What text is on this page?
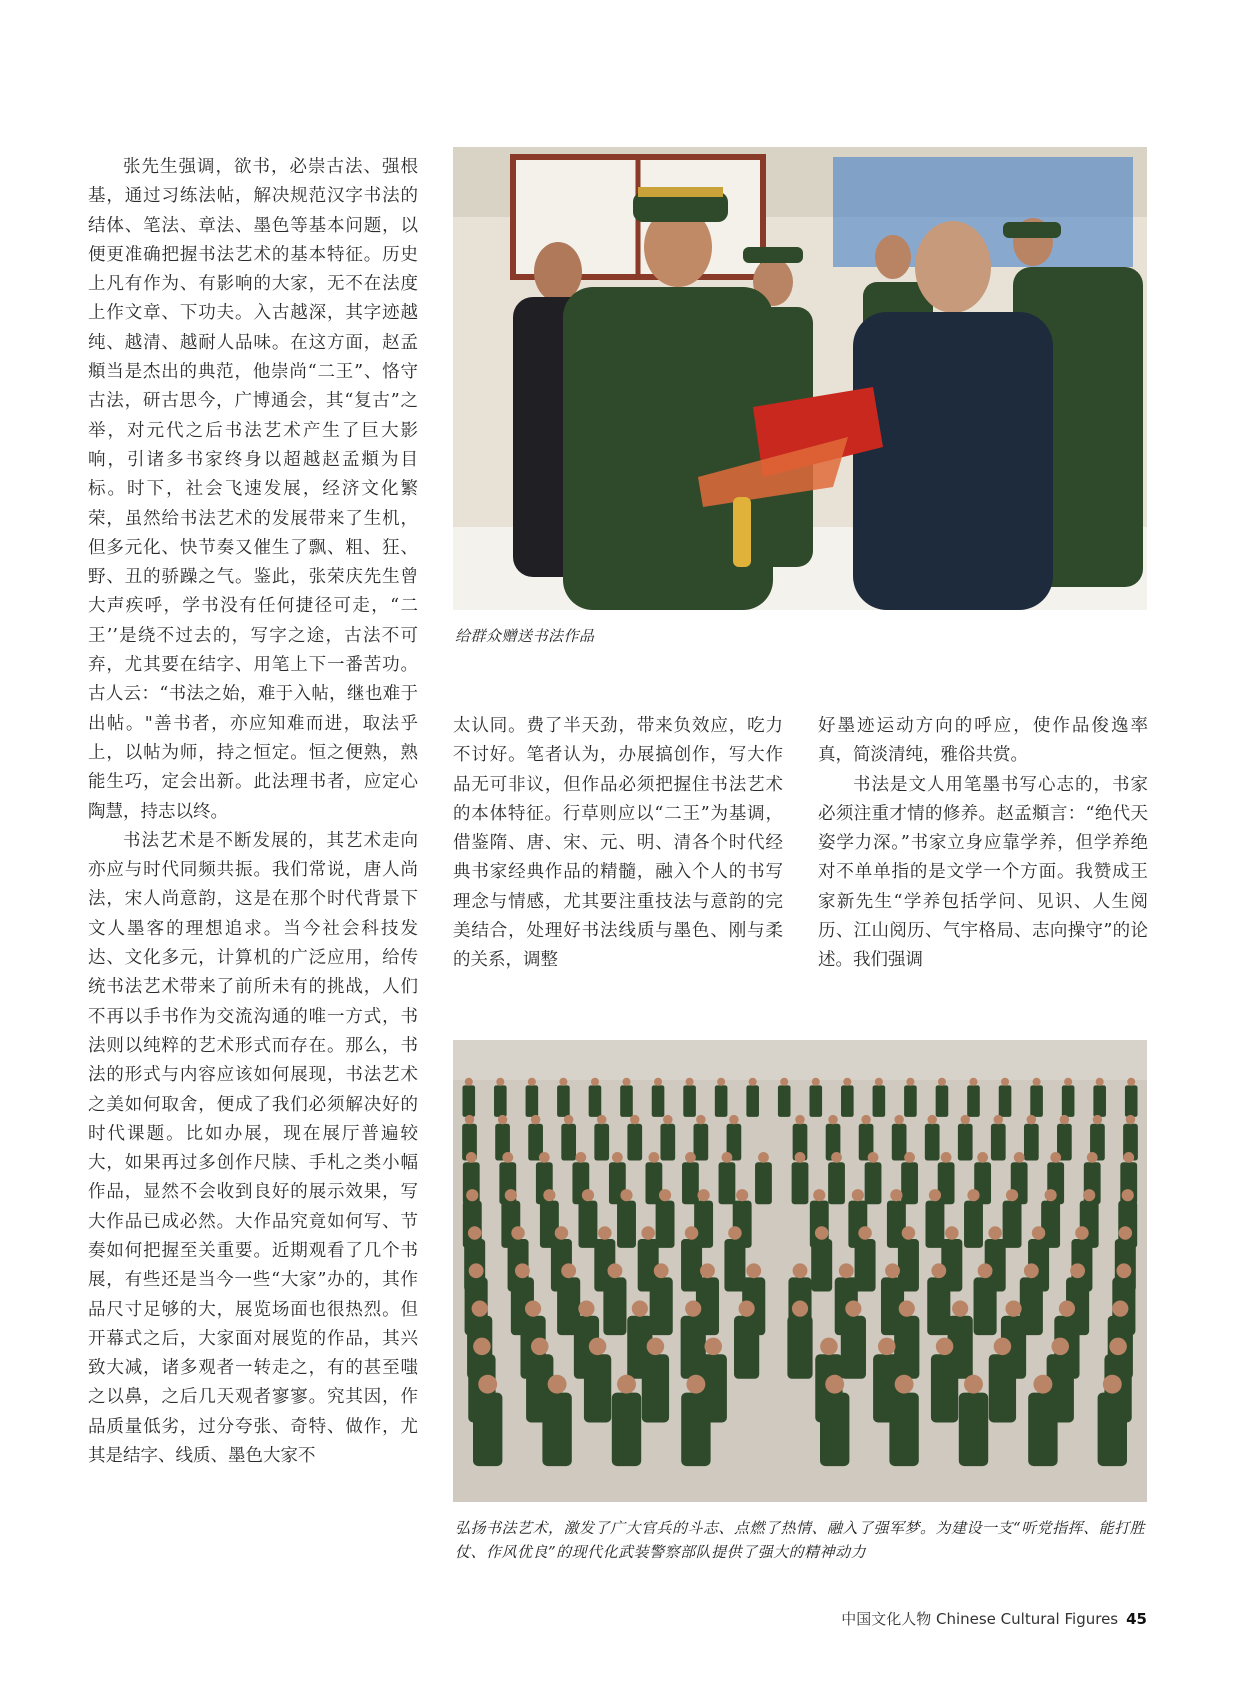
张先生强调，欲书，必崇古法、强根基，通过习练法帖，解决规范汉字书法的结体、笔法、章法、墨色等基本问题，以便更准确把握书法艺术的基本特征。历史上凡有作为、有影响的大家，无不在法度上作文章、下功夫。入古越深，其字迹越纯、越清、越耐人品味。在这方面，赵孟頫当是杰出的典范，他崇尚“二王”、恪守古法，研古思今，广博通会，其“复古”之举，对元代之后书法艺术产生了巨大影响，引诸多书家终身以超越赵孟頫为目标。时下，社会飞速发展，经济文化繁荣，虽然给书法艺术的发展带来了生机，但多元化、快节奏又催生了飘、粗、狂、野、丑的骄躁之气。鉴此，张荣庆先生曾大声疾呼，学书没有任何捷径可走，“二王’’是绕不过去的，写字之途，古法不可弃，尤其要在结字、用笔上下一番苦功。古人云：“书法之始，难于入帖，继也难于出帖。"善书者，亦应知难而进，取法乎上，以帖为师，持之恒定。恒之便熟，熟能生巧，定会出新。此法理书者，应定心陶慧，持志以终。

书法艺术是不断发展的，其艺术走向亦应与时代同频共振。我们常说，唐人尚法，宋人尚意韵，这是在那个时代背景下文人墨客的理想追求。当今社会科技发达、文化多元，计算机的广泛应用，给传统书法艺术带来了前所未有的挑战，人们不再以手书作为交流沟通的唯一方式，书法则以纯粹的艺术形式而存在。那么，书法的形式与内容应该如何展现，书法艺术之美如何取舍，便成了我们必须解决好的时代课题。比如办展，现在展厅普遍较大，如果再过多创作尺牍、手札之类小幅作品，显然不会收到良好的展示效果，写大作品已成必然。大作品究竟如何写、节奏如何把握至关重要。近期观看了几个书展，有些还是当今一些“大家”办的，其作品尺寸足够的大，展览场面也很热烈。但开幕式之后，大家面对展览的作品，其兴致大减，诸多观者一转走之，有的甚至嗤之以鼻，之后几天观者寥寥。究其因，作品质量低劣，过分夸张、奇特、做作，尤其是结字、线质、墨色大家不

给群众赠送书法作品

太认同。费了半天劲，带来负效应，吃力不讨好。笔者认为，办展搞创作，写大作品无可非议，但作品必须把握住书法艺术的本体特征。行草则应以“二王”为基调，借鉴隋、唐、宋、元、明、清各个时代经典书家经典作品的精髓，融入个人的书写理念与情感，尤其要注重技法与意韵的完美结合，处理好书法线质与墨色、刚与柔的关系，调整

好墨迹运动方向的呼应，使作品俊逸率真，简淡清纯，雅俗共赏。

书法是文人用笔墨书写心志的，书家必须注重才情的修养。赵孟頫言：“绝代天姿学力深。”书家立身应靠学养，但学养绝对不单单指的是文学一个方面。我赞成王家新先生“学养包括学问、见识、人生阅历、江山阅历、气宇格局、志向操守”的论述。我们强调

弘扬书法艺术，激发了广大官兵的斗志、点燃了热情、融入了强军梦。为建设一支“听党指挥、能打胜仗、作风优良”的现代化武装警察部队提供了强大的精神动力
中国文化人物 Chinese Cultural Figures 45
